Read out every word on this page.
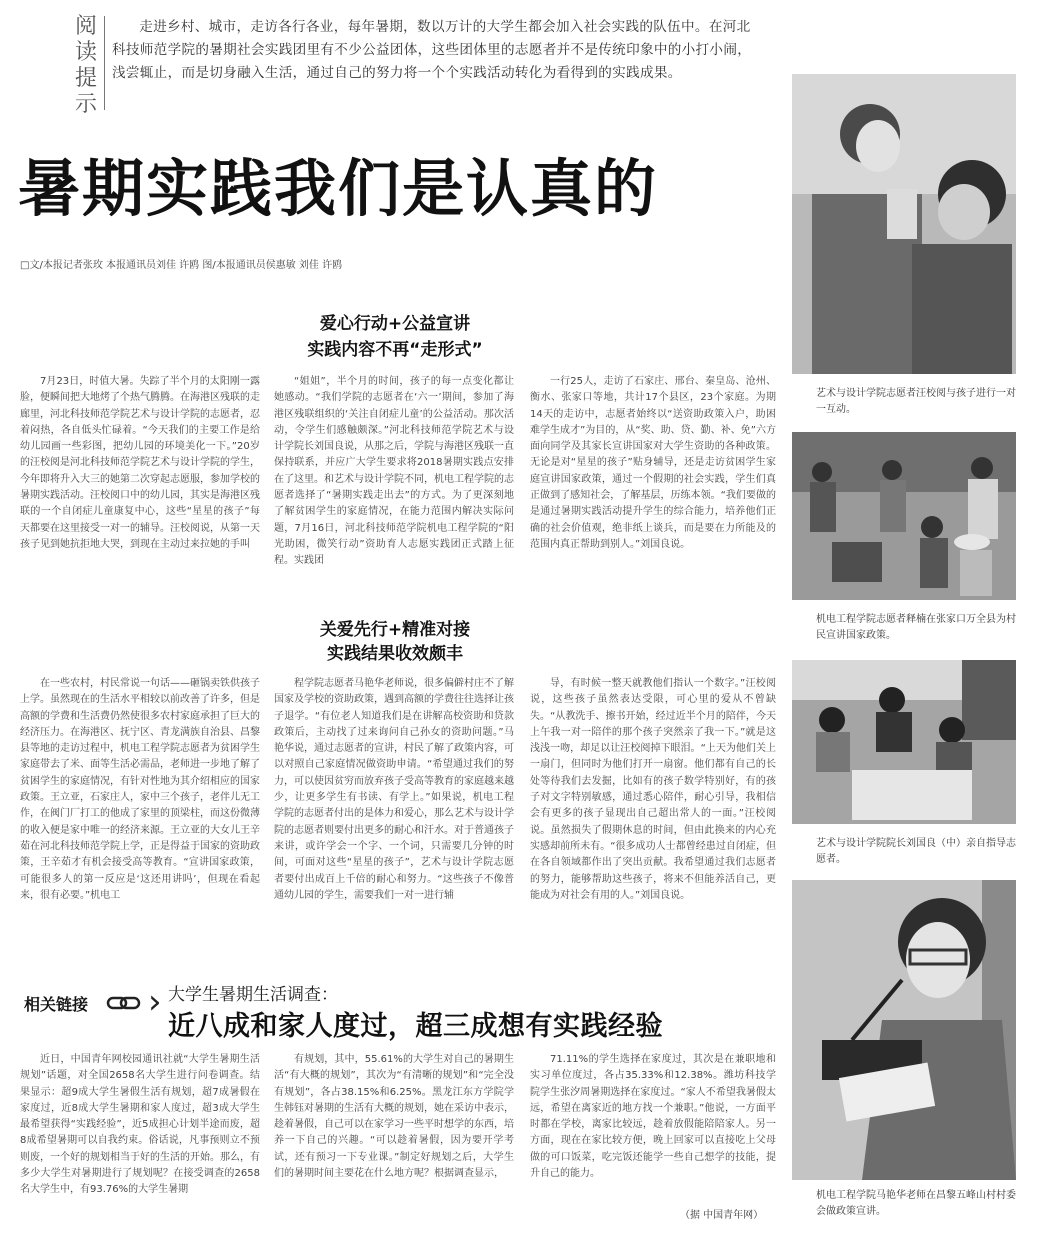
阅读提示
走进乡村、城市，走访各行各业，每年暑期，数以万计的大学生都会加入社会实践的队伍中。在河北科技师范学院的暑期社会实践团里有不少公益团体，这些团体里的志愿者并不是传统印象中的小打小闹，浅尝辄止，而是切身融入生活，通过自己的努力将一个个实践活动转化为看得到的实践成果。
暑期实践我们是认真的
□文/本报记者张玫 本报通讯员刘佳 许鸥 图/本报通讯员侯惠敏 刘佳 许鸥
爱心行动+公益宣讲
实践内容不再“走形式”
7月23日，时值大暑。失踪了半个月的太阳刚一露脸，便瞬间把大地烤了个热气腾腾。在海港区残联的走廊里，河北科技师范学院艺术与设计学院的志愿者，忍着闷热，各自低头忙碌着。“今天我们的主要工作是给幼儿园画一些彩图，把幼儿园的环境美化一下。”20岁的汪校阅是河北科技师范学院艺术与设计学院的学生，今年即将升入大三的她第二次穿起志愿服，参加学校的暑期实践活动。汪校阅口中的幼儿园，其实是海港区残联的一个自闭症儿童康复中心，这些“星星的孩子”每天都要在这里接受一对一的辅导。汪校阅说，从第一天孩子见到她抗拒地大哭，到现在主动过来拉她的手叫
“姐姐”，半个月的时间，孩子的每一点变化都让她感动。“我们学院的志愿者在‘六一’期间，参加了海港区残联组织的‘关注自闭症儿童’的公益活动。那次活动，令学生们感触颇深。”河北科技师范学院艺术与设计学院长刘国良说，从那之后，学院与海港区残联一直保持联系，并应广大学生要求将2018暑期实践点安排在了这里。和艺术与设计学院不同，机电工程学院的志愿者选择了“暑期实践走出去”的方式。为了更深刻地了解贫困学生的家庭情况，在能力范围内解决实际问题，7月16日，河北科技师范学院机电工程学院的“阳光助困，微笑行动”资助育人志愿实践团正式踏上征程。实践团
一行25人，走访了石家庄、邢台、秦皇岛、沧州、衡水、张家口等地，共计17个县区，23个家庭。为期14天的走访中，志愿者始终以“送资助政策入户，助困难学生成才”为目的，从“奖、助、贷、勤、补、免”六方面向同学及其家长宣讲国家对大学生资助的各种政策。无论是对“星星的孩子”贴身辅导，还是走访贫困学生家庭宣讲国家政策，通过一个假期的社会实践，学生们真正做到了感知社会，了解基层，历练本领。“我们要做的是通过暑期实践活动提升学生的综合能力，培养他们正确的社会价值观，绝非纸上谈兵，而是要在力所能及的范围内真正帮助到别人。”刘国良说。
关爱先行+精准对接
实践结果收效颇丰
在一些农村，村民常说一句话——砸锅卖铁供孩子上学。虽然现在的生活水平相较以前改善了许多，但是高额的学费和生活费仍然使很多农村家庭承担了巨大的经济压力。在海港区、抚宁区、青龙满族自治县、昌黎县等地的走访过程中，机电工程学院志愿者为贫困学生家庭带去了米、面等生活必需品，老师进一步地了解了贫困学生的家庭情况，有针对性地为其介绍相应的国家政策。王立亚，石家庄人，家中三个孩子，老伴儿无工作，在阀门厂打工的他成了家里的顶梁柱，而这份微薄的收入便是家中唯一的经济来源。王立亚的大女儿王辛茹在河北科技师范学院上学，正是得益于国家的资助政策，王辛茹才有机会接受高等教育。“宣讲国家政策，可能很多人的第一反应是‘这还用讲吗’，但现在看起来，很有必要。”机电工
程学院志愿者马艳华老师说，很多偏僻村庄不了解国家及学校的资助政策，遇到高额的学费往往选择让孩子退学。“有位老人知道我们是在讲解高校资助和贷款政策后，主动找了过来询问自己孙女的资助问题。”马艳华说，通过志愿者的宣讲，村民了解了政策内容，可以对照自己家庭情况做资助申请。“希望通过我们的努力，可以使因贫穷而放弃孩子受高等教育的家庭越来越少，让更多学生有书读、有学上。”如果说，机电工程学院的志愿者付出的是体力和爱心，那么艺术与设计学院的志愿者则要付出更多的耐心和汗水。对于普通孩子来讲，或许学会一个字、一个词，只需要几分钟的时间，可面对这些“星星的孩子”，艺术与设计学院志愿者要付出成百上千倍的耐心和努力。“这些孩子不像普通幼儿园的学生，需要我们一对一进行辅
导，有时候一整天就教他们指认一个数字。”汪校阅说，这些孩子虽然表达受限，可心里的爱从不曾缺失。“从教洗手、擦书开始，经过近半个月的陪伴，今天上午我一对一陪伴的那个孩子突然亲了我一下。”就是这浅浅一吻，却足以让汪校阅掉下眼泪。“上天为他们关上一扇门，但同时为他们打开一扇窗。他们都有自己的长处等待我们去发掘，比如有的孩子数学特别好，有的孩子对文字特别敏感，通过悉心陪伴，耐心引导，我相信会有更多的孩子显现出自己超出常人的一面。”汪校阅说。虽然损失了假期休息的时间，但由此换来的内心充实感却前所未有。“很多成功人士都曾经患过自闭症，但在各自领域都作出了突出贡献。我希望通过我们志愿者的努力，能够帮助这些孩子，将来不但能养活自己，更能成为对社会有用的人。”刘国良说。
艺术与设计学院志愿者汪校阅与孩子进行一对一互动。
机电工程学院志愿者释楠在张家口万全县为村民宣讲国家政策。
艺术与设计学院院长刘国良（中）亲自指导志愿者。
机电工程学院马艳华老师在昌黎五峰山村村委会做政策宣讲。
相关链接 › 大学生暑期生活调查：
近八成和家人度过，超三成想有实践经验
近日，中国青年网校园通讯社就“大学生暑期生活规划”话题，对全国2658名大学生进行问卷调查。结果显示：超9成大学生暑假生活有规划，超7成暑假在家度过，近8成大学生暑期和家人度过，超3成大学生最希望获得“实践经验”，近5成担心计划半途而废，超8成希望暑期可以自我约束。俗话说，凡事预则立不预则废，一个好的规划相当于好的生活的开始。那么，有多少大学生对暑期进行了规划呢？在接受调查的2658名大学生中，有93.76%的大学生暑期
有规划，其中，55.61%的大学生对自己的暑期生活“有大概的规划”，其次为“有清晰的规划”和“完全没有规划”，各占38.15%和6.25%。黑龙江东方学院学生韩钰对暑期的生活有大概的规划，她在采访中表示，趁着暑假，自己可以在家学习一些平时想学的东西，培养一下自己的兴趣。“可以趁着暑假，因为要开学考试，还有预习一下专业课。”制定好规划之后，大学生们的暑期时间主要花在什么地方呢？根据调查显示，
71.11%的学生选择在家度过，其次是在兼职地和实习单位度过，各占35.33%和12.38%。潍坊科技学院学生张汐周暑期选择在家度过。“家人不希望我暑假太远，希望在离家近的地方找一个兼职。”他说，一方面平时都在学校，离家比较远，趁着放假能陪陪家人。另一方面，现在在家比较方便，晚上回家可以直接吃上父母做的可口饭菜，吃完饭还能学一些自己想学的技能，提升自己的能力。
（据 中国青年网）
